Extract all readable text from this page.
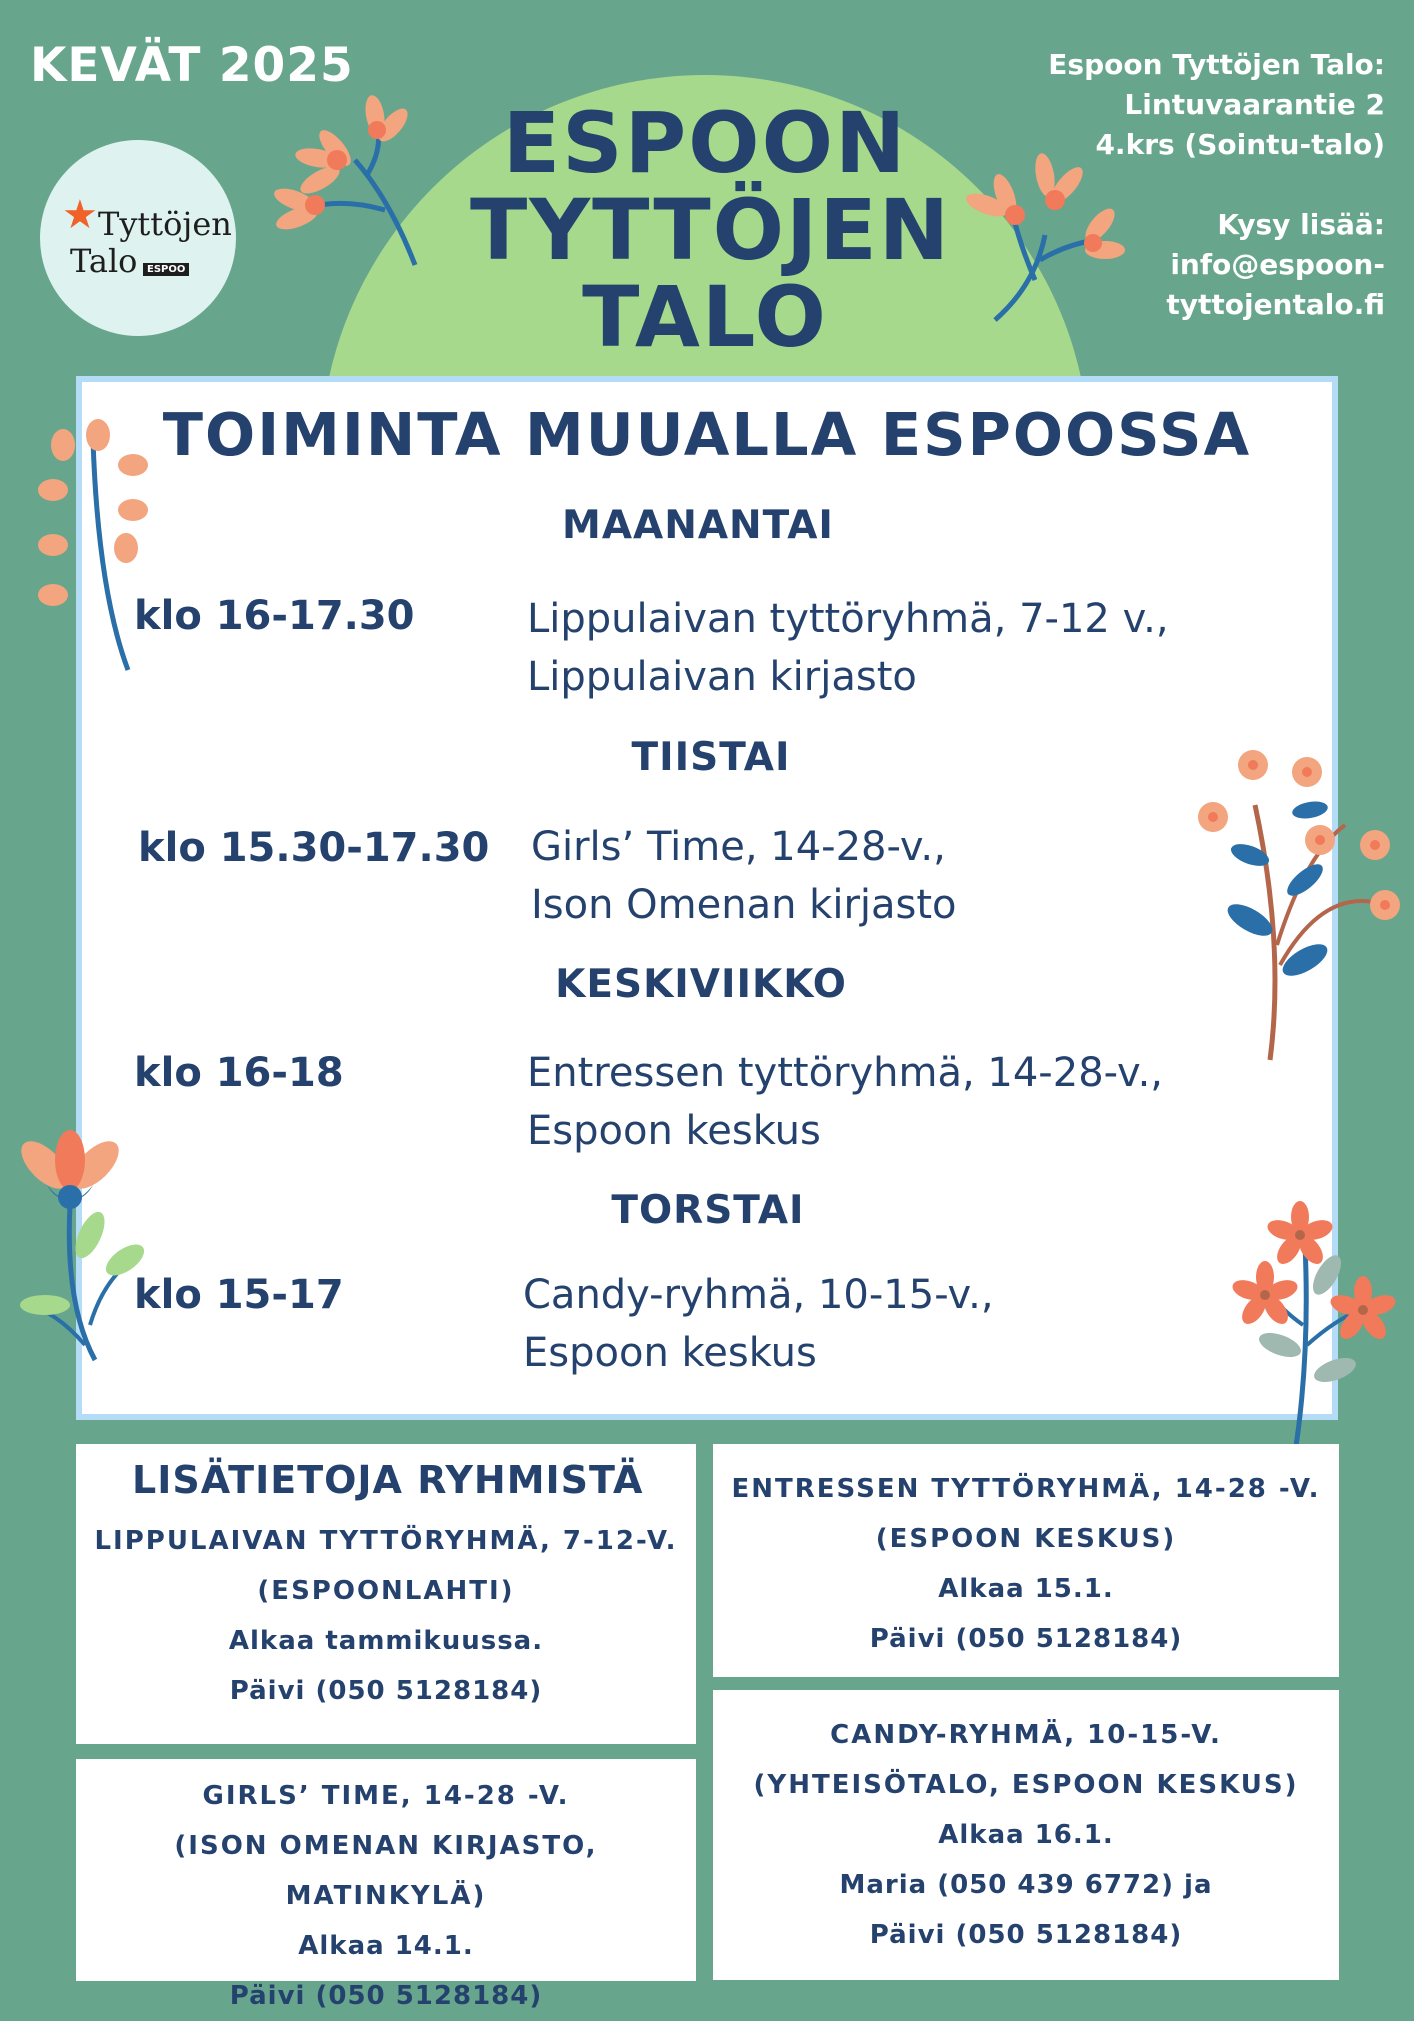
KEVÄT 2025
★ Tyttöjen
Talo ESPOO
ESPOON
TYTTÖJEN
TALO
Espoon Tyttöjen Talo:
Lintuvaarantie 2
4.krs (Sointu-talo)
Kysy lisää:
info@espoon-
tyttojentalo.fi
TOIMINTA MUUALLA ESPOOSSA
MAANANTAI
klo 16-17.30	Lippulaivan tyttöryhmä, 7-12 v.,
Lippulaivan kirjasto
TIISTAI
klo 15.30-17.30 Girls’ Time, 14-28-v.,
Ison Omenan kirjasto
KESKIVIIKKO
klo 16-18	Entressen tyttöryhmä, 14-28-v.,
Espoon keskus
TORSTAI
klo 15-17	Candy-ryhmä, 10-15-v.,
Espoon keskus
LISÄTIETOJA RYHMISTÄ
LIPPULAIVAN TYTTÖRYHMÄ, 7-12-V.
(ESPOONLAHTI)
Alkaa tammikuussa.
Päivi (050 5128184)
ENTRESSEN TYTTÖRYHMÄ, 14-28 -V.
(ESPOON KESKUS)
Alkaa 15.1.
Päivi (050 5128184)
GIRLS’ TIME, 14-28 -V.
(ISON OMENAN KIRJASTO, MATINKYLÄ)
Alkaa 14.1.
Päivi (050 5128184)
CANDY-RYHMÄ, 10-15-V.
(YHTEISÖTALO, ESPOON KESKUS)
Alkaa 16.1.
Maria (050 439 6772) ja
Päivi (050 5128184)
